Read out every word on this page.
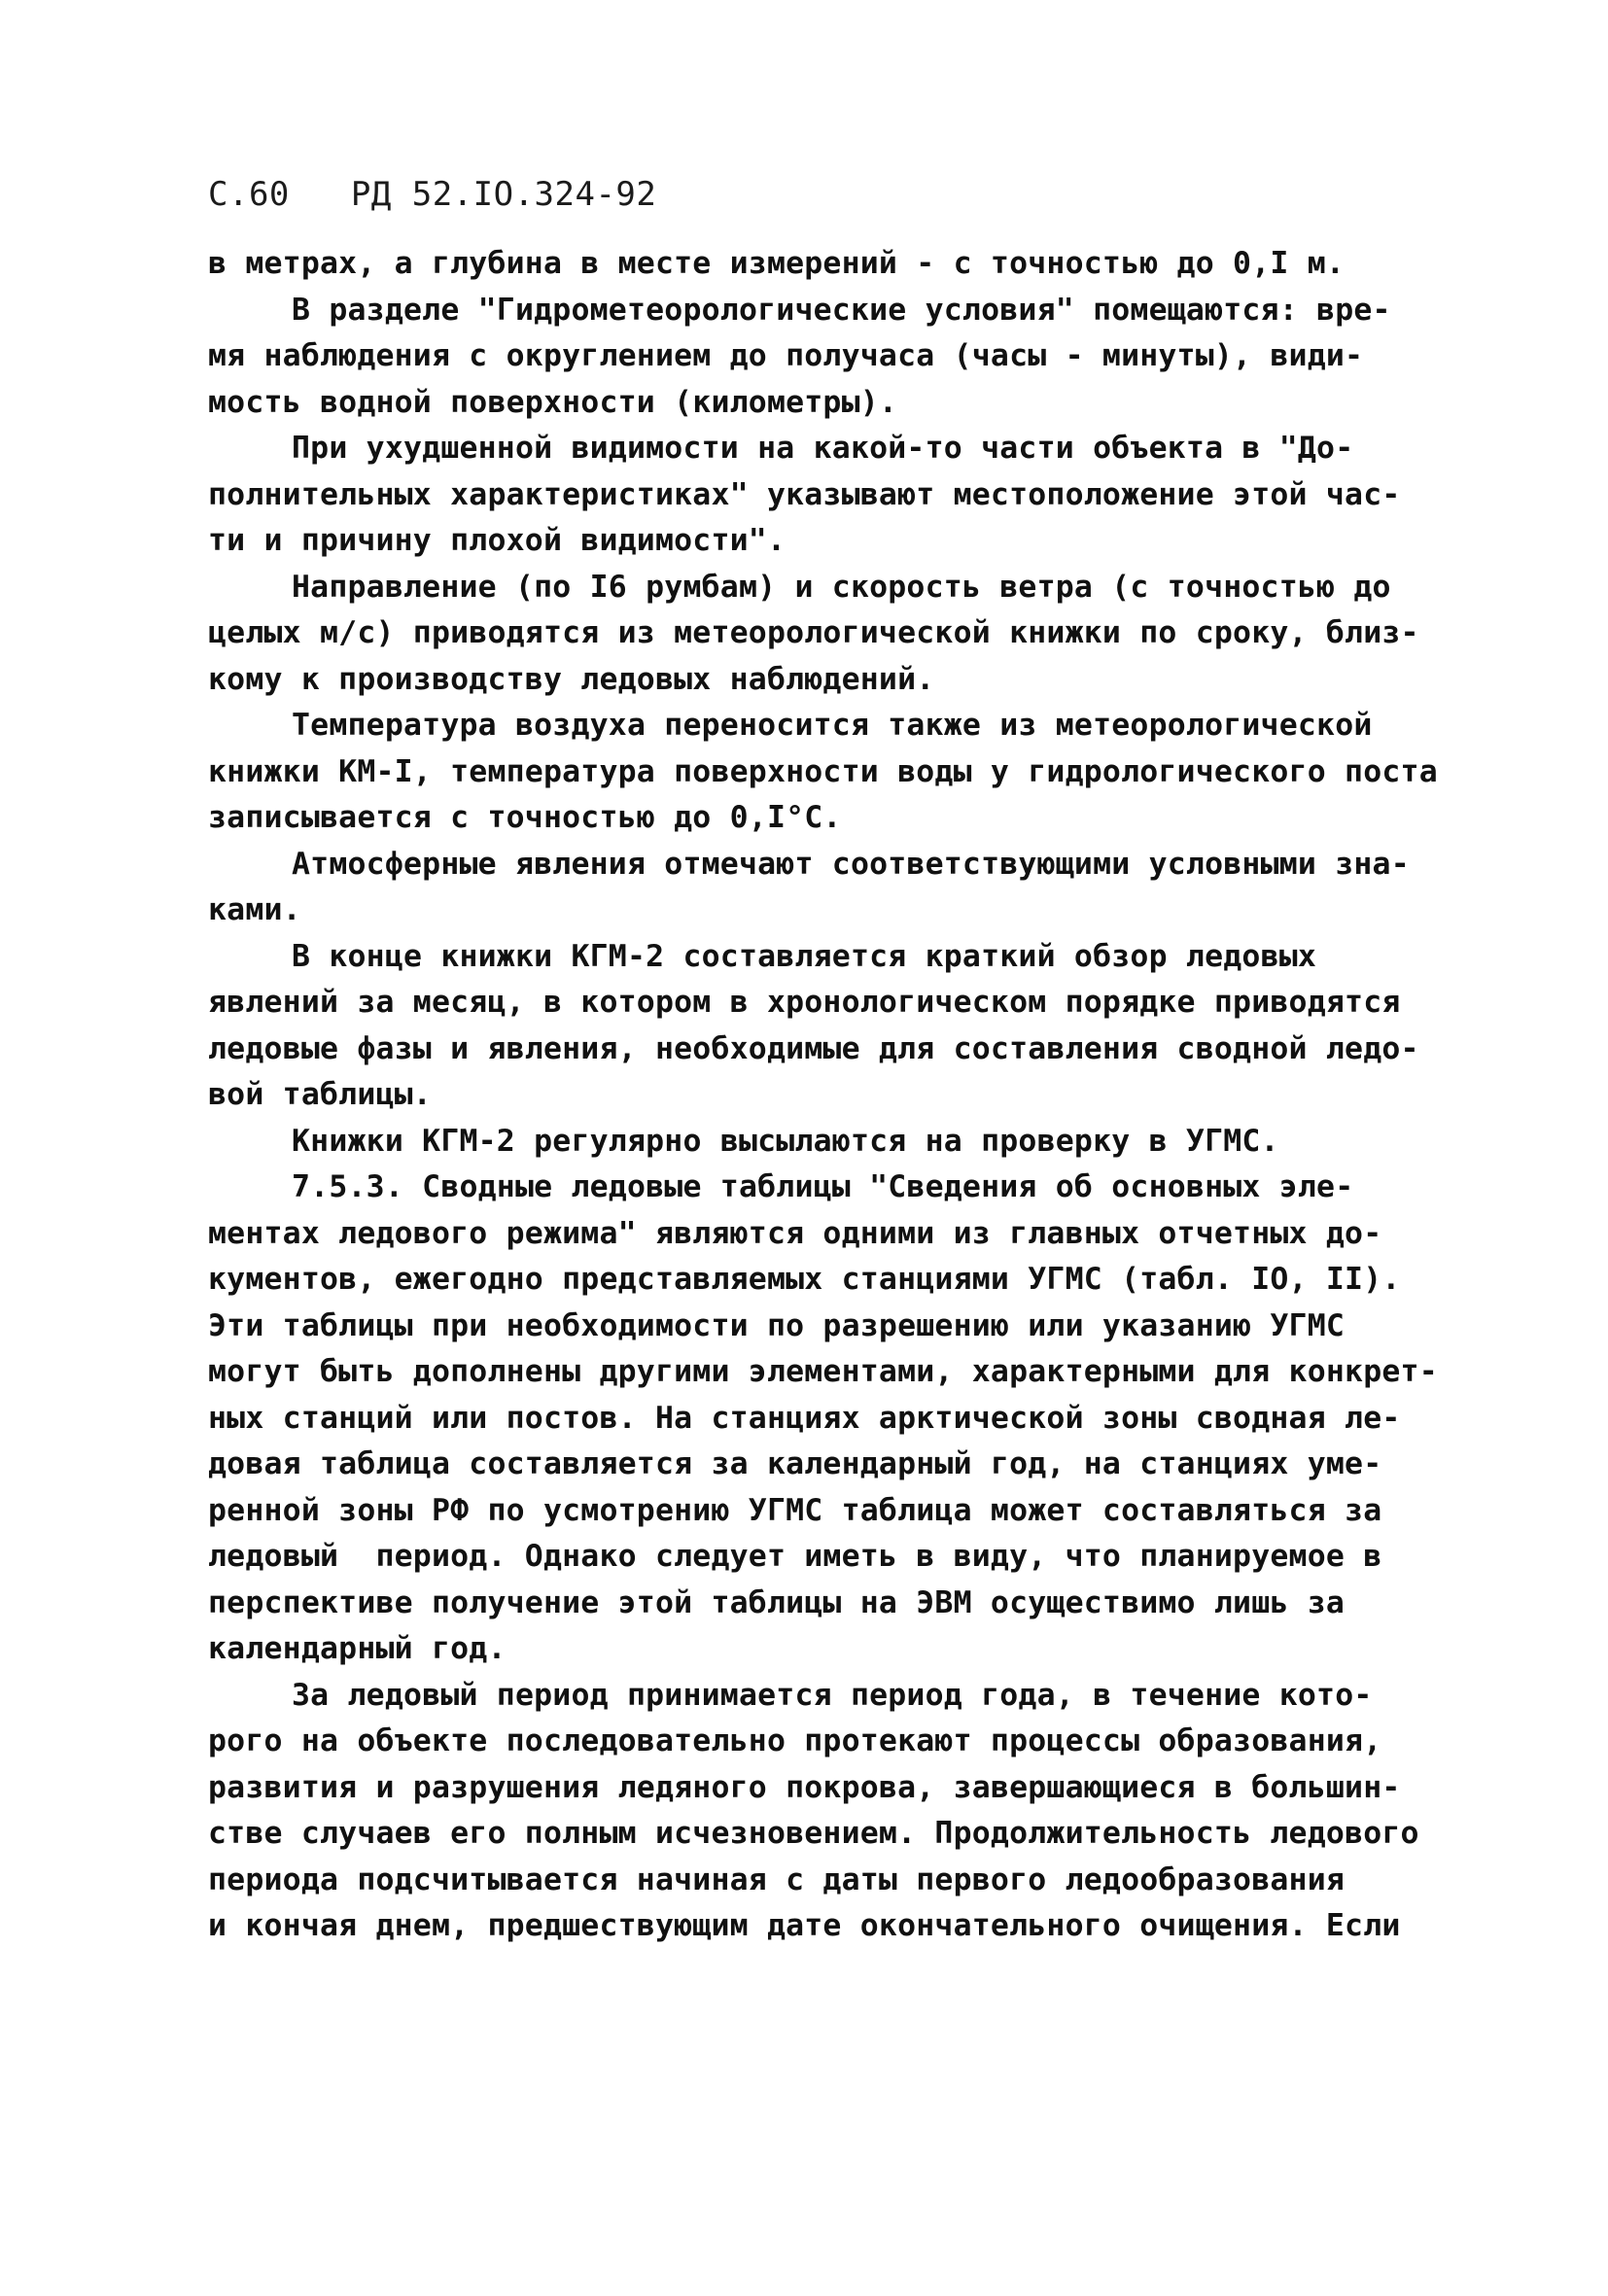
С.60 РД 52.IO.324-92
в метрах, а глубина в месте измерений - с точностью до 0,I м.
В разделе "Гидрометеорологические условия" помещаются: вре-
мя наблюдения с округлением до получаса (часы - минуты), види-
мость водной поверхности (километры).
При ухудшенной видимости на какой-то части объекта в "До-
полнительных характеристиках" указывают местоположение этой час-
ти и причину плохой видимости".
Направление (по I6 румбам) и скорость ветра (с точностью до
целых м/с) приводятся из метеорологической книжки по сроку, близ-
кому к производству ледовых наблюдений.
Температура воздуха переносится также из метеорологической
книжки КМ-I, температура поверхности воды у гидрологического поста
записывается с точностью до 0,I°С.
Атмосферные явления отмечают соответствующими условными зна-
ками.
В конце книжки КГМ-2 составляется краткий обзор ледовых
явлений за месяц, в котором в хронологическом порядке приводятся
ледовые фазы и явления, необходимые для составления сводной ледо-
вой таблицы.
Книжки КГМ-2 регулярно высылаются на проверку в УГМС.
7.5.3. Сводные ледовые таблицы "Сведения об основных эле-
ментах ледового режима" являются одними из главных отчетных до-
кументов, ежегодно представляемых станциями УГМС (табл. IO, II).
Эти таблицы при необходимости по разрешению или указанию УГМС
могут быть дополнены другими элементами, характерными для конкрет-
ных станций или постов. На станциях арктической зоны сводная ле-
довая таблица составляется за календарный год, на станциях уме-
ренной зоны РФ по усмотрению УГМС таблица может составляться за
ледовый  период. Однако следует иметь в виду, что планируемое в
перспективе получение этой таблицы на ЭВМ осуществимо лишь за
календарный год.
За ледовый период принимается период года, в течение кото-
рого на объекте последовательно протекают процессы образования,
развития и разрушения ледяного покрова, завершающиеся в большин-
стве случаев его полным исчезновением. Продолжительность ледового
периода подсчитывается начиная с даты первого ледообразования
и кончая днем, предшествующим дате окончательного очищения. Если
